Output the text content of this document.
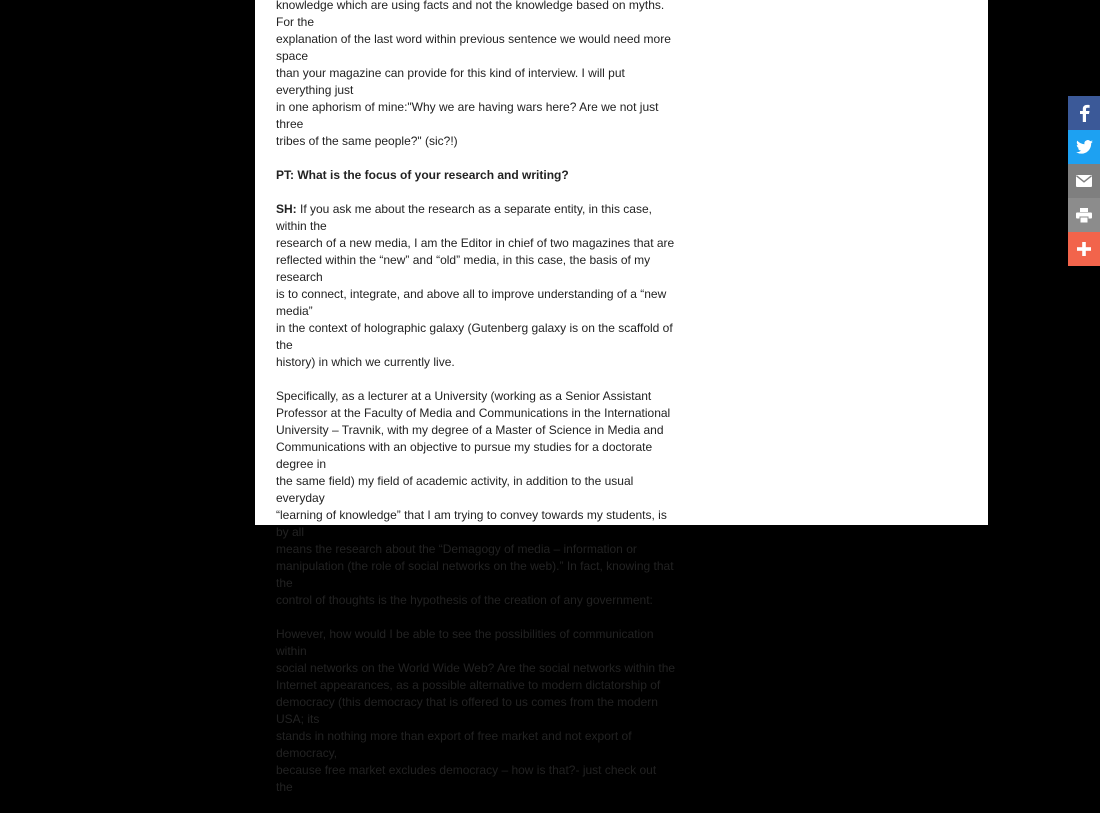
knowledge which are using facts and not the knowledge based on myths. For the
explanation of the last word within previous sentence we would need more space
than your magazine can provide for this kind of interview. I will put everything just
in one aphorism of mine:"Why we are having wars here? Are we not just three
tribes of the same people?" (sic?!)

PT: What is the focus of your research and writing?

SH: If you ask me about the research as a separate entity, in this case, within the
research of a new media, I am the Editor in chief of two magazines that are
reflected within the “new” and “old” media, in this case, the basis of my research
is to connect, integrate, and above all to improve understanding of a “new media”
in the context of holographic galaxy (Gutenberg galaxy is on the scaffold of the
history) in which we currently live.

Specifically, as a lecturer at a University (working as a Senior Assistant
Professor at the Faculty of Media and Communications in the International
University – Travnik, with my degree of a Master of Science in Media and
Communications with an objective to pursue my studies for a doctorate degree in
the same field) my field of academic activity, in addition to the usual everyday
“learning of knowledge” that I am trying to convey towards my students, is by all
means the research about the “Demagogy of media – information or
manipulation (the role of social networks on the web).” In fact, knowing that the
control of thoughts is the hypothesis of the creation of any government:

However, how would I be able to see the possibilities of communication within
social networks on the World Wide Web? Are the social networks within the
Internet appearances, as a possible alternative to modern dictatorship of
democracy (this democracy that is offered to us comes from the modern USA; its
stands in nothing more than export of free market and not export of democracy,
because free market excludes democracy – how is that?- just check out the
